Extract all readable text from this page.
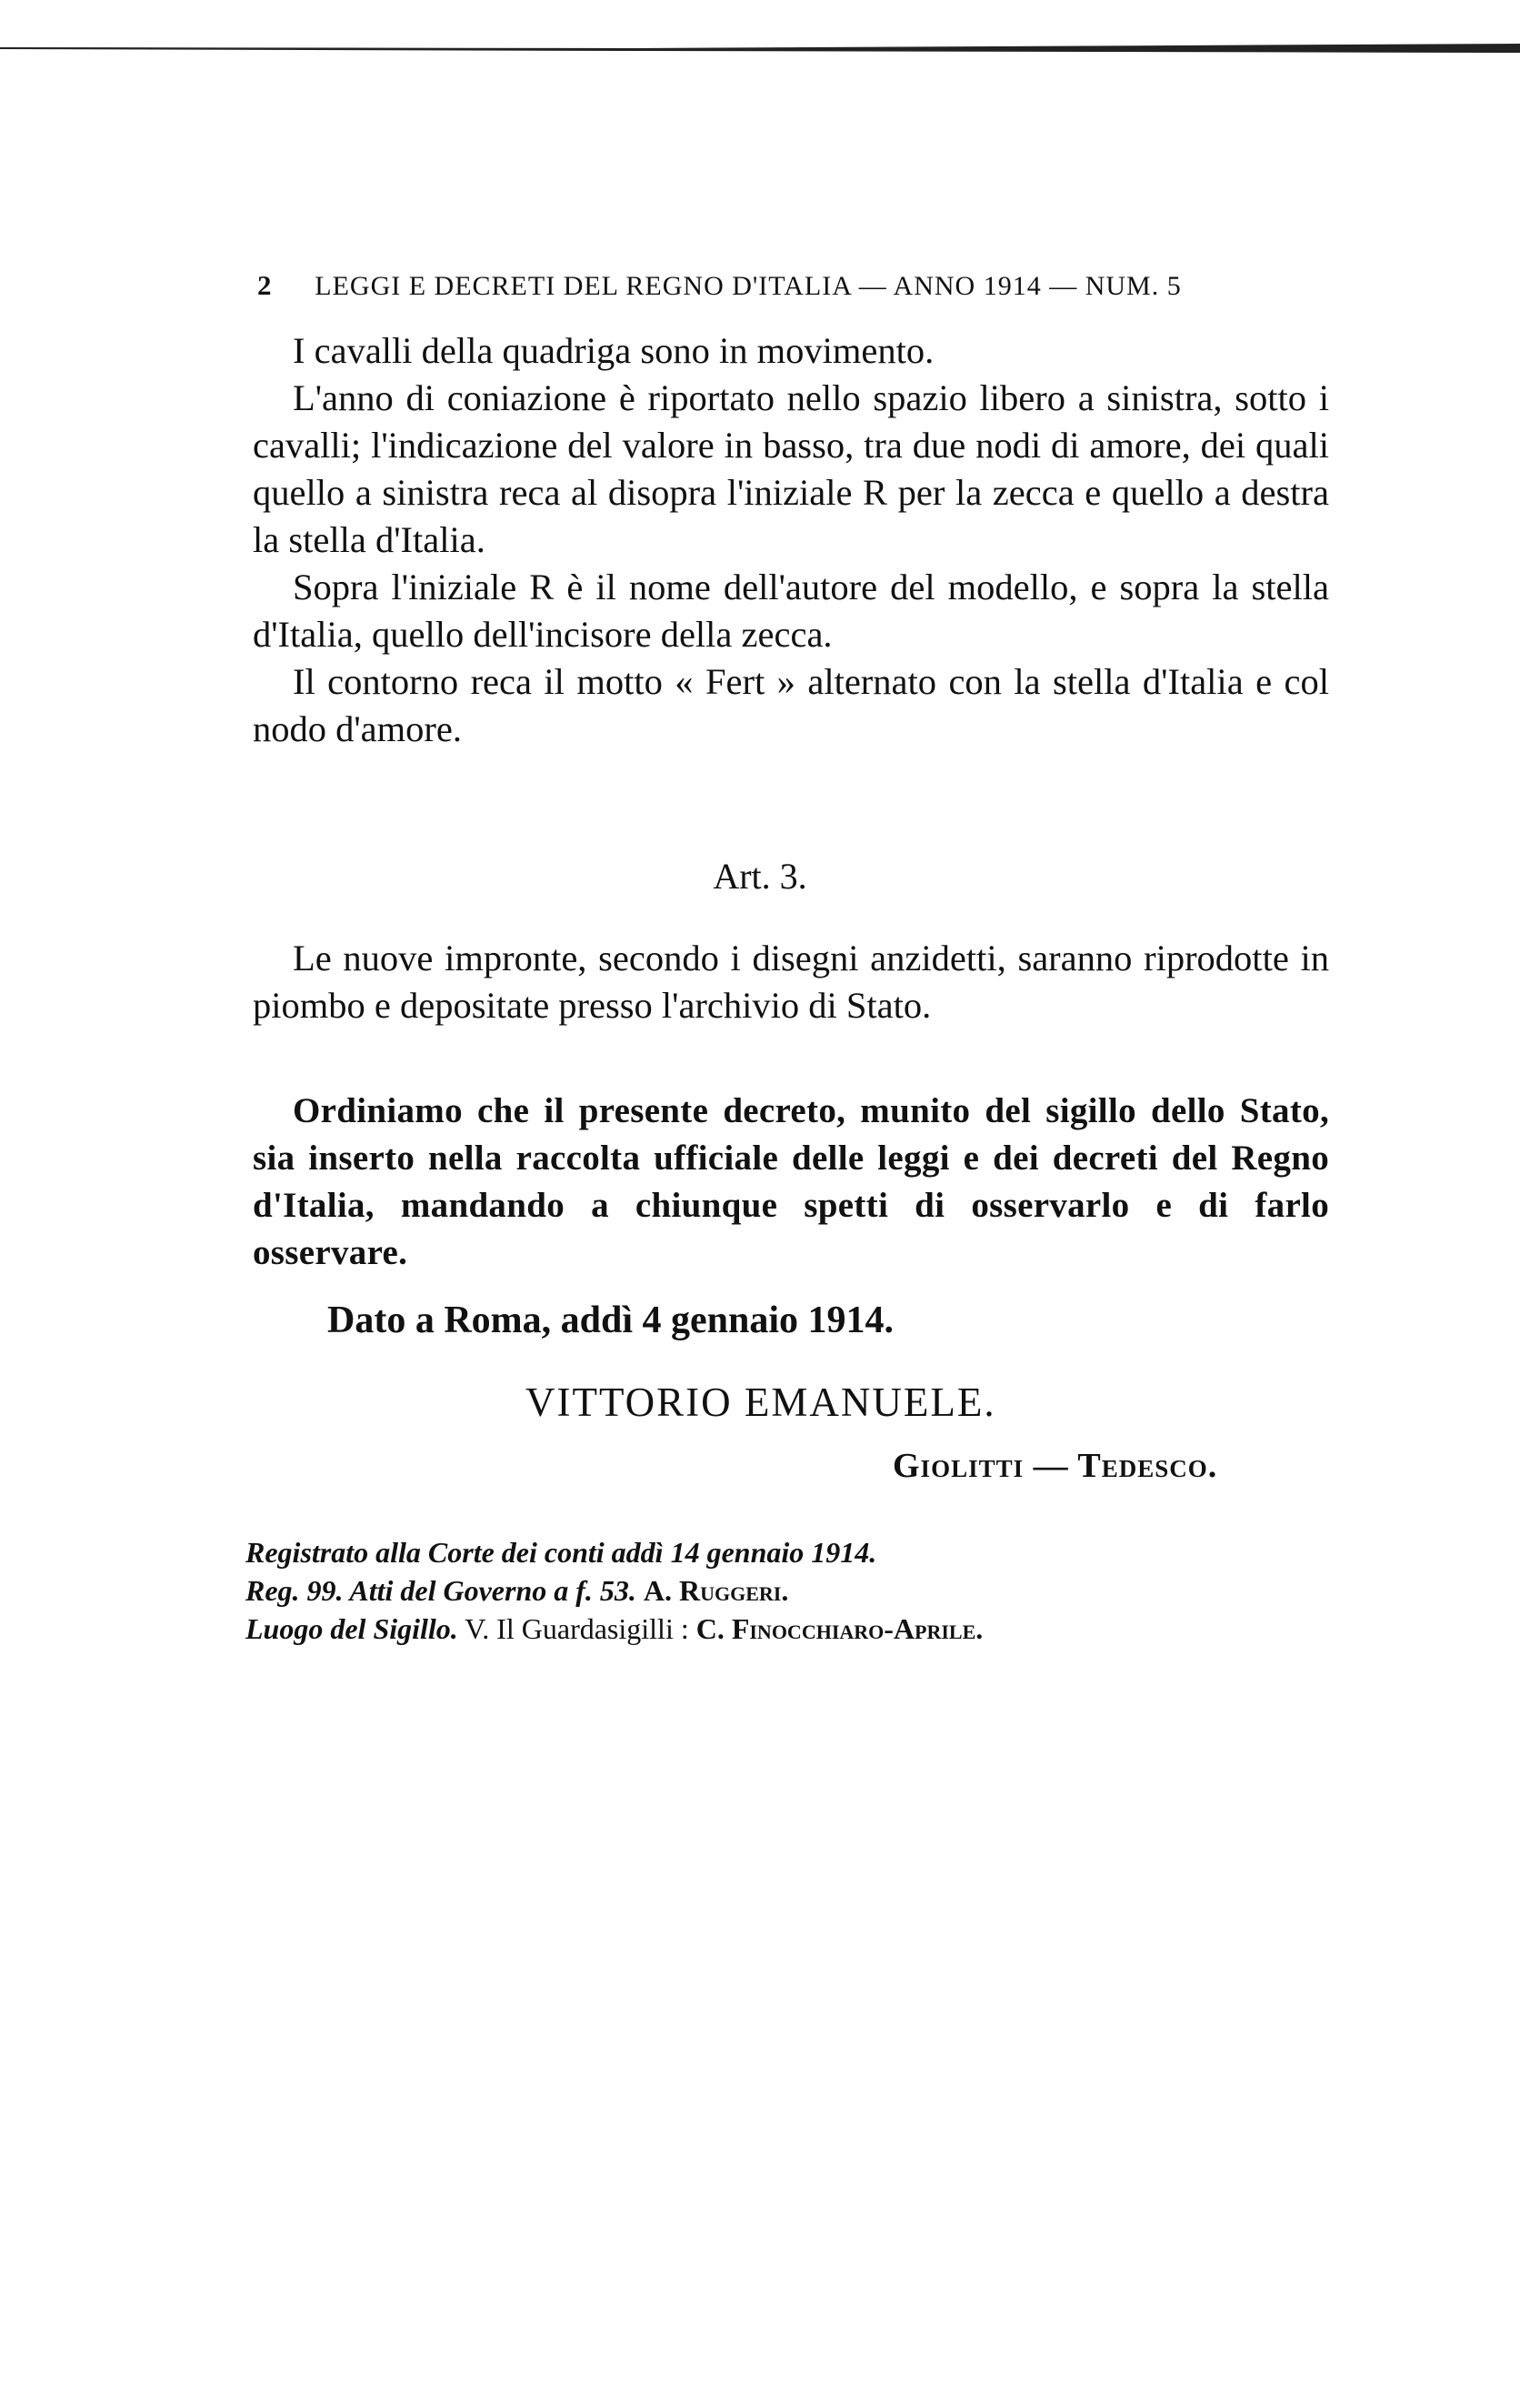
2 LEGGI E DECRETI DEL REGNO D'ITALIA — ANNO 1914 — NUM. 5

I cavalli della quadriga sono in movimento.

L'anno di coniazione è riportato nello spazio libero a sinistra, sotto i cavalli; l'indicazione del valore in basso, tra due nodi di amore, dei quali quello a sinistra reca al disopra l'iniziale R per la zecca e quello a destra la stella d'Italia.

Sopra l'iniziale R è il nome dell'autore del modello, e sopra la stella d'Italia, quello dell'incisore della zecca.

Il contorno reca il motto « Fert » alternato con la stella d'Italia e col nodo d'amore.

Art. 3.

Le nuove impronte, secondo i disegni anzidetti, saranno riprodotte in piombo e depositate presso l'archivio di Stato.

Ordiniamo che il presente decreto, munito del sigillo dello Stato, sia inserto nella raccolta ufficiale delle leggi e dei decreti del Regno d'Italia, mandando a chiunque spetti di osservarlo e di farlo osservare.

Dato a Roma, addì 4 gennaio 1914.
VITTORIO EMANUELE.
Giolitti — Tedesco.
Registrato alla Corte dei conti addì 14 gennaio 1914.
Reg. 99. Atti del Governo a f. 53. A. Ruggeri.
Luogo del Sigillo. V. Il Guardasigilli : C. Finocchiaro-Aprile.
